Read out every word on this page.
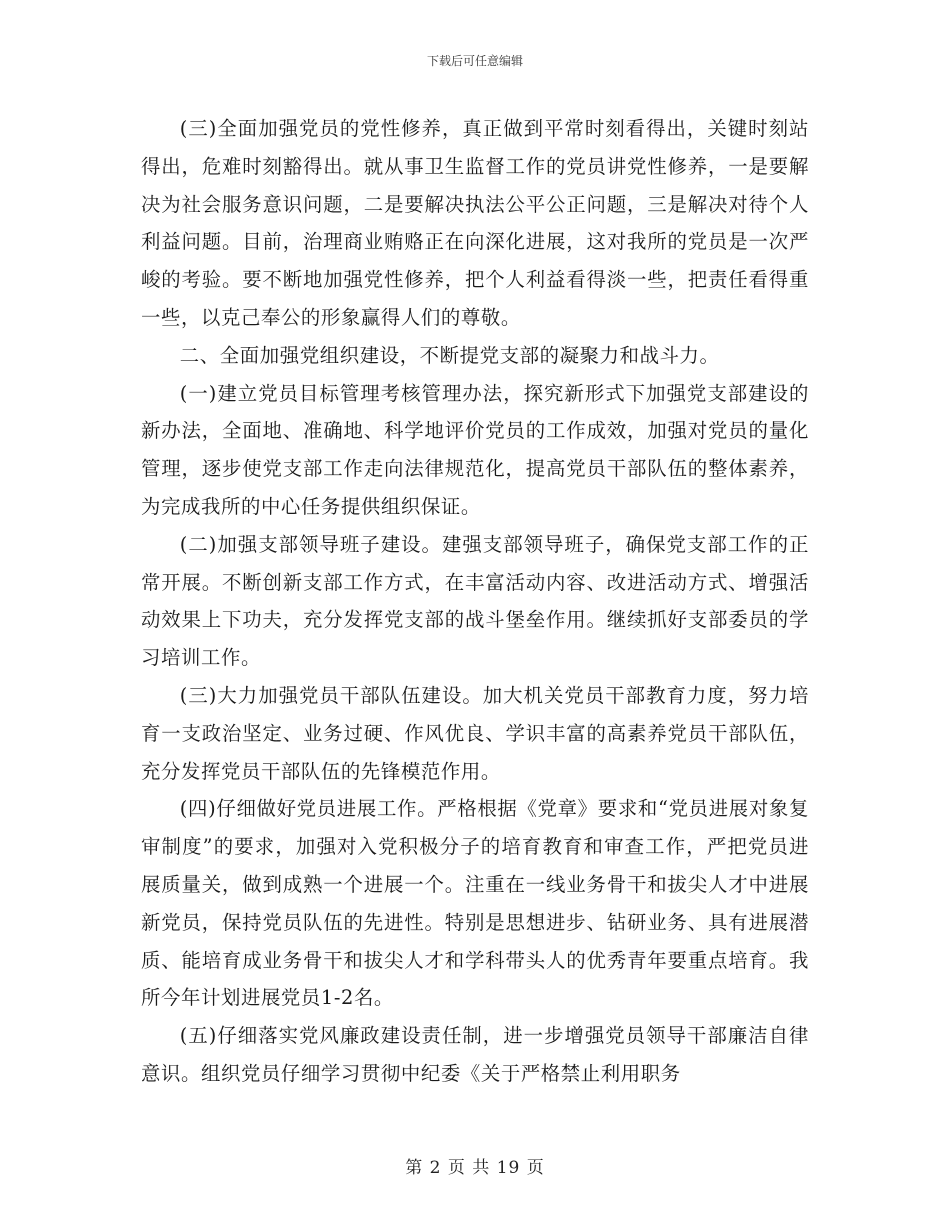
下载后可任意编辑

(三)全面加强党员的党性修养，真正做到平常时刻看得出，关键时刻站得出，危难时刻豁得出。就从事卫生监督工作的党员讲党性修养，一是要解决为社会服务意识问题，二是要解决执法公平公正问题，三是解决对待个人利益问题。目前，治理商业贿赂正在向深化进展，这对我所的党员是一次严峻的考验。要不断地加强党性修养，把个人利益看得淡一些，把责任看得重一些，以克己奉公的形象赢得人们的尊敬。

二、全面加强党组织建设，不断提党支部的凝聚力和战斗力。

(一)建立党员目标管理考核管理办法，探究新形式下加强党支部建设的新办法，全面地、准确地、科学地评价党员的工作成效，加强对党员的量化管理，逐步使党支部工作走向法律规范化，提高党员干部队伍的整体素养，为完成我所的中心任务提供组织保证。

(二)加强支部领导班子建设。建强支部领导班子，确保党支部工作的正常开展。不断创新支部工作方式，在丰富活动内容、改进活动方式、增强活动效果上下功夫，充分发挥党支部的战斗堡垒作用。继续抓好支部委员的学习培训工作。

(三)大力加强党员干部队伍建设。加大机关党员干部教育力度，努力培育一支政治坚定、业务过硬、作风优良、学识丰富的高素养党员干部队伍，充分发挥党员干部队伍的先锋模范作用。

(四)仔细做好党员进展工作。严格根据《党章》要求和“党员进展对象复审制度”的要求，加强对入党积极分子的培育教育和审查工作，严把党员进展质量关，做到成熟一个进展一个。注重在一线业务骨干和拔尖人才中进展新党员，保持党员队伍的先进性。特别是思想进步、钻研业务、具有进展潜质、能培育成业务骨干和拔尖人才和学科带头人的优秀青年要重点培育。我所今年计划进展党员1-2名。

(五)仔细落实党风廉政建设责任制，进一步增强党员领导干部廉洁自律意识。组织党员仔细学习贯彻中纪委《关于严格禁止利用职务

第 2 页 共 19 页
